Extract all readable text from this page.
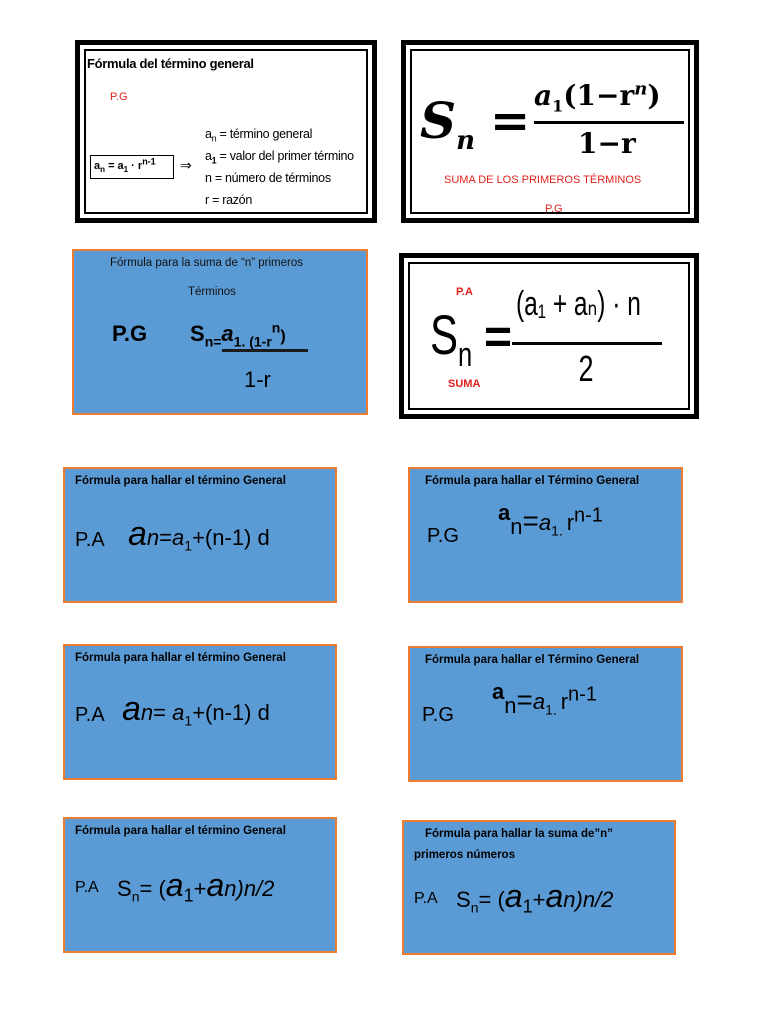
Fórmula del término general
P.G
$a_n = a_1 \cdot r^{n-1}$	⇒
$a_n$ = término general
$a_1$ = valor del primer término
n = número de términos
r = razón
$S_n = a_1(1-r^n)$
1−r
SUMA DE LOS PRIMEROS TÉRMINOS
P.G
Fórmula para la suma de “n” primeros
Términos
P.G $S_{n=}a_{1. (1-r}^n$)
1-r
P.A
$S_n$ =
(a₁ + aₙ) · n
2
SUMA
Fórmula para hallar el término General
P.A $an=a_1+(n-1)$ d
Fórmula para hallar el Término General
P.G
$an=a_{1.}$ $r^{n-1}$
Fórmula para hallar el término General
P.A $an= a_1+(n-1)$ d
Fórmula para hallar el Término General
P.G
$an=a_{1.}$ $r^{n-1}$
Fórmula para hallar el término General
P.A $S_n= (a_1+an)n/2$
Fórmula para hallar la suma de”n”
primeros números
P.A $S_n= (a_1+an)n/2$
